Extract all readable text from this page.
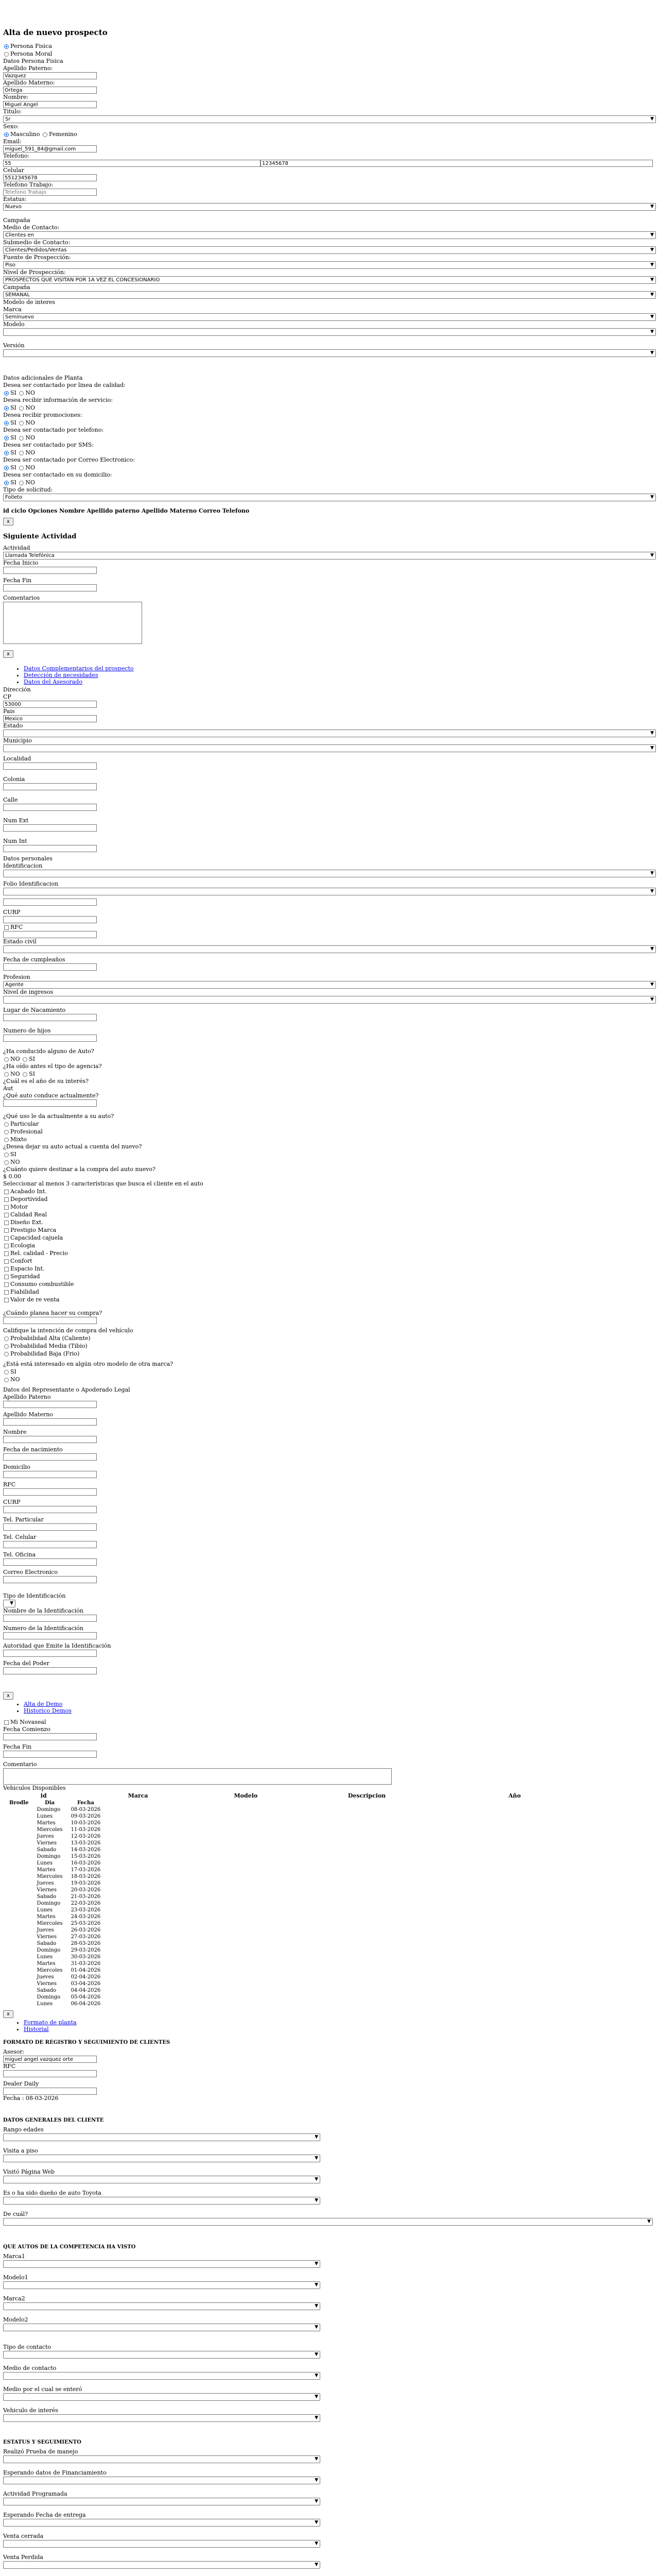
Alta de nuevo prospecto
Persona Fisica
Persona Moral
Datos Persona Fisica
Apellido Paterno:
Vazquez
Apellido Materno:
Ortega
Nombre:
Miguel Angel
Titulo:
Sr	▼
Sexo:
Masculino Femenino
Email:
miguel_591_84@gmail.com
Telefono:
55
12345678
Celular
5512345678
Telefono Trabajo:
Telefono Trabajo
Estatus:
Nuevo	▼
Campaña
Medio de Contacto:
Clientes en	▼
Submedio de Contacto:
Clientes/Pedidos/Ventas	▼
Fuente de Prospección:
Piso	▼
Nivel de Prospección:
PROSPECTOS QUE VISITAN POR 1A VEZ EL CONCESIONARIO	▼
Campaña
SEMANAL	▼
Modelo de interes
Marca
Seminuevo	▼
Modelo
▼
Versión
▼
Datos adicionales de Planta
Desea ser contactado por linea de calidad:
SI NO
Desea recibir información de servicio:
SI NO
Desea recibir promociones:
SI NO
Desea ser contactado por telefono:
SI NO
Desea ser contactado por SMS:
SI NO
Desea ser contactado por Correo Electronico:
SI NO
Desea ser contactado en su domicilio:
SI NO
Tipo de solicitud:
Folleto	▼
id ciclo Opciones Nombre Apellido paterno Apellido Materno Correo Telefono
x
Siguiente Actividad
Actividad
Llamada Telefónica	▼
Fecha Inicio
Fecha Fin
Comentarios
x
• Datos Complementarios del prospecto
• Detección de necesidades
• Datos del Asesorado
Dirección
CP
53000
Pais
Mexico
Estado
▼
Municipio
▼
Localidad
Colonia
Calle
Num Ext
Num Int
Datos personales
Identificacion
▼
Folio Identificacion
▼
CURP
RFC
Estado civil
▼
Fecha de cumpleaños
Profesion
Agente	▼
Nivel de ingresos
▼
Lugar de Nacamiento
Numero de hijos
¿Ha conducido alguno de Auto?
NO SI
¿Ha oído antes el tipo de agencia?
NO SI
¿Cuál es el año de su interés?
Aut
¿Qué auto conduce actualmente?
¿Qué uso le da actualmente a su auto?
Particular
Profesional
Mixto
¿Desea dejar su auto actual a cuenta del nuevo?
SI
NO
¿Cuánto quiere destinar a la compra del auto nuevo?
$ 0.00
Seleccionar al menos 3 características que busca el cliente en el auto
Acabado Int.
Deportividad
Motor
Calidad Real
Diseño Ext.
Prestigio Marca
Capacidad cajuela
Ecologia
Rel. calidad - Precio
Confort
Espacio Int.
Seguridad
Consumo combustible
Fiabilidad
Valor de re venta
¿Cuándo planea hacer su compra?
Califique la intención de compra del vehículo
Probabilidad Alta (Caliente)
Probabilidad Media (Tibio)
Probabilidad Baja (Frio)
¿Está está interesado en algún otro modelo de otra marca?
SI
NO
Datos del Representante o Apoderado Legal
Apellido Paterno
Apellido Materno
Nombre
Fecha de nacimiento
Domicilio
RFC
CURP
Tel. Particular
Tel. Celular
Tel. Oficina
Correo Electronico
Tipo de Identificación
▼
Nombre de la Identificación
Numero de la Identificación
Autoridad que Emite la Identificación
Fecha del Poder
x
• Alta de Demo
• Historico Demos
Mi Novaseal
Fecha Comienzo
Fecha Fin
Comentario
Vehiculos Disponibles
id	Marca	Modelo	Descripcion	Año
Brodle	Dia	Fecha
	Domingo	08-03-2026
	Lunes	09-03-2026
	Martes	10-03-2026
	Miercoles	11-03-2026
	Jueves	12-03-2026
	Viernes	13-03-2026
	Sabado	14-03-2026
	Domingo	15-03-2026
	Lunes	16-03-2026
	Martes	17-03-2026
	Miercoles	18-03-2026
	Jueves	19-03-2026
	Viernes	20-03-2026
	Sabado	21-03-2026
	Domingo	22-03-2026
	Lunes	23-03-2026
	Martes	24-03-2026
	Miercoles	25-03-2026
	Jueves	26-03-2026
	Viernes	27-03-2026
	Sabado	28-03-2026
	Domingo	29-03-2026
	Lunes	30-03-2026
	Martes	31-03-2026
	Miercoles	01-04-2026
	Jueves	02-04-2026
	Viernes	03-04-2026
	Sabado	04-04-2026
	Domingo	05-04-2026
	Lunes	06-04-2026
x
• Formato de planta
• Historial
FORMATO DE REGISTRO Y SEGUIMIENTO DE CLIENTES
Asesor:
miguel angel vazquez orte
RFC
Dealer Daily
Fecha : 08-03-2026
DATOS GENERALES DEL CLIENTE
Rango edades
▼
Visita a piso
▼
Visitó Página Web
▼
Es o ha sido dueño de auto Toyota
▼
De cuál?
▼
QUE AUTOS DE LA COMPETENCIA HA VISTO
Marca1
▼
Modelo1
▼
Marca2
▼
Modelo2
▼
Tipo de contacto
▼
Medio de contacto
▼
Medio por el cual se enteró
▼
Vehiculo de interés
▼
ESTATUS Y SEGUIMIENTO
Realizó Prueba de manejo
▼
Esperando datos de Financiamiento
▼
Actividad Programada
▼
Esperando Fecha de entrega
▼
Venta cerrada
▼
Venta Perdida
▼
